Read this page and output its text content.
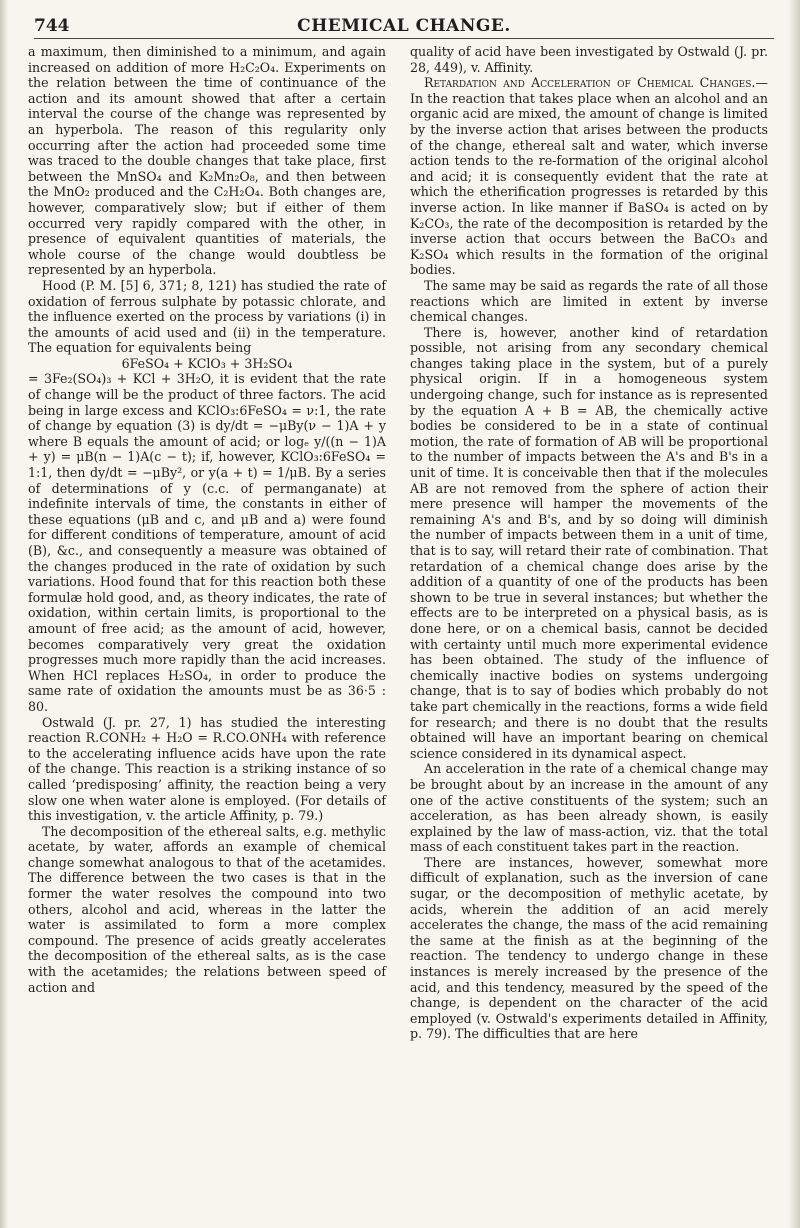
744	CHEMICAL CHANGE.

a maximum, then diminished to a minimum, and again increased on addition of more H₂C₂O₄. Experiments on the relation between the time of continuance of the action and its amount showed that after a certain interval the course of the change was represented by an hyperbola. The reason of this regularity only occurring after the action had proceeded some time was traced to the double changes that take place, first between the MnSO₄ and K₂Mn₂O₈, and then between the MnO₂ produced and the C₂H₂O₄. Both changes are, however, comparatively slow; but if either of them occurred very rapidly compared with the other, in presence of equivalent quantities of materials, the whole course of the change would doubtless be represented by an hyperbola.

Hood (P. M. [5] 6, 371; 8, 121) has studied the rate of oxidation of ferrous sulphate by potassic chlorate, and the influence exerted on the process by variations (i) in the amounts of acid used and (ii) in the temperature. The equation for equivalents being

6FeSO₄ + KClO₃ + 3H₂SO₄

= 3Fe₂(SO₄)₃ + KCl + 3H₂O, it is evident that the rate of change will be the product of three factors. The acid being in large excess and KClO₃:6FeSO₄ = ν:1, the rate of change by equation (3) is dy/dt = −μBy(ν − 1)A + y where B equals the amount of acid; or logₑ y/((n − 1)A + y) = μB(n − 1)A(c − t); if, however, KClO₃:6FeSO₄ = 1:1, then dy/dt = −μBy², or y(a + t) = 1/μB. By a series of determinations of y (c.c. of permanganate) at indefinite intervals of time, the constants in either of these equations (μB and c, and μB and a) were found for different conditions of temperature, amount of acid (B), &c., and consequently a measure was obtained of the changes produced in the rate of oxidation by such variations. Hood found that for this reaction both these formulæ hold good, and, as theory indicates, the rate of oxidation, within certain limits, is proportional to the amount of free acid; as the amount of acid, however, becomes comparatively very great the oxidation progresses much more rapidly than the acid increases. When HCl replaces H₂SO₄, in order to produce the same rate of oxidation the amounts must be as 36·5 : 80.

Ostwald (J. pr. 27, 1) has studied the interesting reaction R.CONH₂ + H₂O = R.CO.ONH₄ with reference to the accelerating influence acids have upon the rate of the change. This reaction is a striking instance of so called ‘predisposing’ affinity, the reaction being a very slow one when water alone is employed. (For details of this investigation, v. the article Affinity, p. 79.)

The decomposition of the ethereal salts, e.g. methylic acetate, by water, affords an example of chemical change somewhat analogous to that of the acetamides. The difference between the two cases is that in the former the water resolves the compound into two others, alcohol and acid, whereas in the latter the water is assimilated to form a more complex compound. The presence of acids greatly accelerates the decomposition of the ethereal salts, as is the case with the acetamides; the relations between speed of action and

quality of acid have been investigated by Ostwald (J. pr. 28, 449), v. Affinity.

Retardation and Acceleration of Chemical Changes.—In the reaction that takes place when an alcohol and an organic acid are mixed, the amount of change is limited by the inverse action that arises between the products of the change, ethereal salt and water, which inverse action tends to the re-formation of the original alcohol and acid; it is consequently evident that the rate at which the etherification progresses is retarded by this inverse action. In like manner if BaSO₄ is acted on by K₂CO₃, the rate of the decomposition is retarded by the inverse action that occurs between the BaCO₃ and K₂SO₄ which results in the formation of the original bodies.

The same may be said as regards the rate of all those reactions which are limited in extent by inverse chemical changes.

There is, however, another kind of retardation possible, not arising from any secondary chemical changes taking place in the system, but of a purely physical origin. If in a homogeneous system undergoing change, such for instance as is represented by the equation A + B = AB, the chemically active bodies be considered to be in a state of continual motion, the rate of formation of AB will be proportional to the number of impacts between the A's and B's in a unit of time. It is conceivable then that if the molecules AB are not removed from the sphere of action their mere presence will hamper the movements of the remaining A's and B's, and by so doing will diminish the number of impacts between them in a unit of time, that is to say, will retard their rate of combination. That retardation of a chemical change does arise by the addition of a quantity of one of the products has been shown to be true in several instances; but whether the effects are to be interpreted on a physical basis, as is done here, or on a chemical basis, cannot be decided with certainty until much more experimental evidence has been obtained. The study of the influence of chemically inactive bodies on systems undergoing change, that is to say of bodies which probably do not take part chemically in the reactions, forms a wide field for research; and there is no doubt that the results obtained will have an important bearing on chemical science considered in its dynamical aspect.

An acceleration in the rate of a chemical change may be brought about by an increase in the amount of any one of the active constituents of the system; such an acceleration, as has been already shown, is easily explained by the law of mass-action, viz. that the total mass of each constituent takes part in the reaction.

There are instances, however, somewhat more difficult of explanation, such as the inversion of cane sugar, or the decomposition of methylic acetate, by acids, wherein the addition of an acid merely accelerates the change, the mass of the acid remaining the same at the finish as at the beginning of the reaction. The tendency to undergo change in these instances is merely increased by the presence of the acid, and this tendency, measured by the speed of the change, is dependent on the character of the acid employed (v. Ostwald's experiments detailed in Affinity, p. 79). The difficulties that are here
